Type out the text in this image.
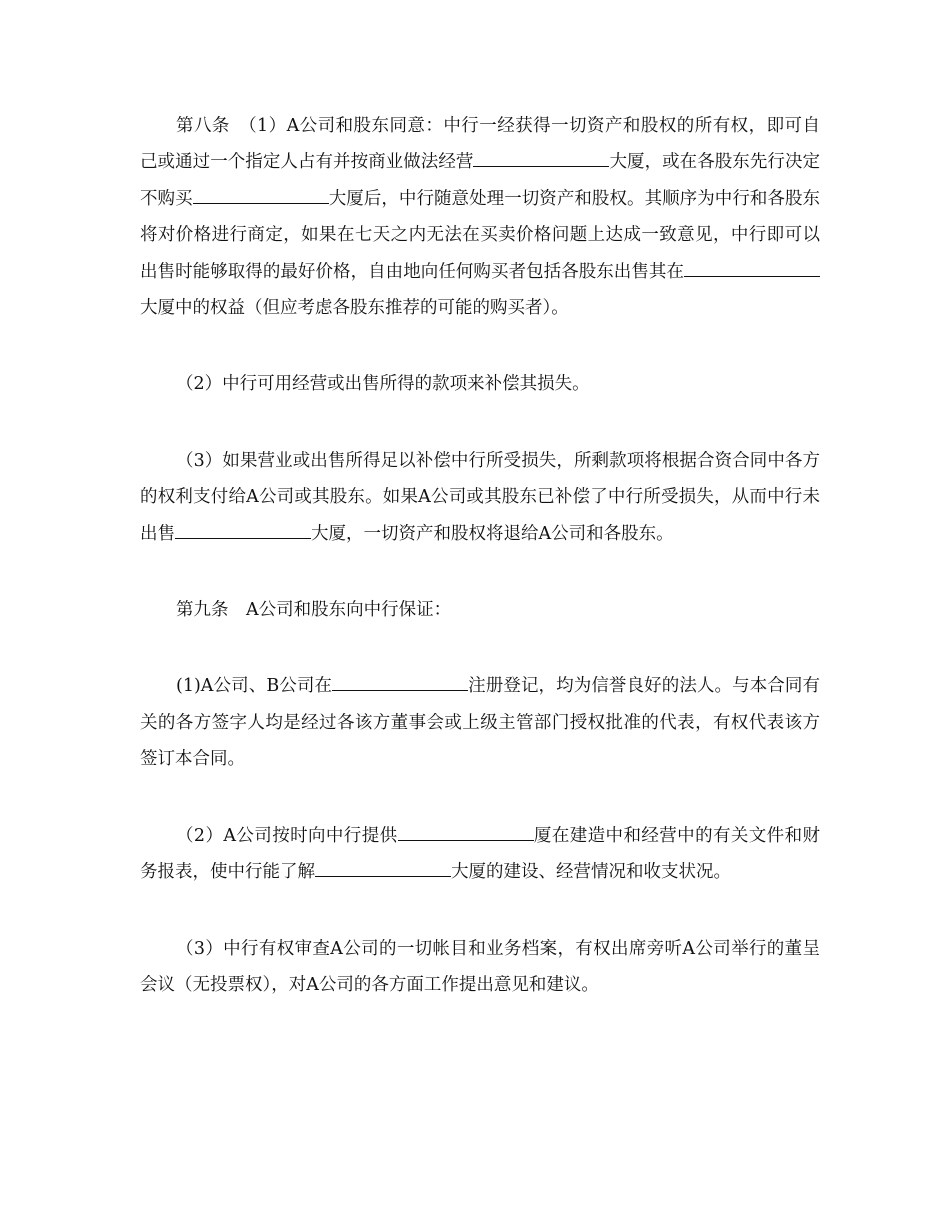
第八条　（1）A公司和股东同意：中行一经获得一切资产和股权的所有权，即可自己或通过一个指定人占有并按商业做法经营	大厦，或在各股东先行决定不购买	大厦后，中行随意处理一切资产和股权。其顺序为中行和各股东将对价格进行商定，如果在七天之内无法在买卖价格问题上达成一致意见，中行即可以出售时能够取得的最好价格，自由地向任何购买者包括各股东出售其在大厦中的权益（但应考虑各股东推荐的可能的购买者）。

（2）中行可用经营或出售所得的款项来补偿其损失。

（3）如果营业或出售所得足以补偿中行所受损失，所剩款项将根据合资合同中各方的权利支付给A公司或其股东。如果A公司或其股东已补偿了中行所受损失，从而中行未出售	大厦，一切资产和股权将退给A公司和各股东。

第九条　A公司和股东向中行保证：

(1)A公司、B公司在	注册登记，均为信誉良好的法人。与本合同有关的各方签字人均是经过各该方董事会或上级主管部门授权批准的代表，有权代表该方签订本合同。

（2）A公司按时向中行提供	厦在建造中和经营中的有关文件和财务报表，使中行能了解	大厦的建设、经营情况和收支状况。

（3）中行有权审查A公司的一切帐目和业务档案，有权出席旁听A公司举行的董呈会议（无投票权），对A公司的各方面工作提出意见和建议。
